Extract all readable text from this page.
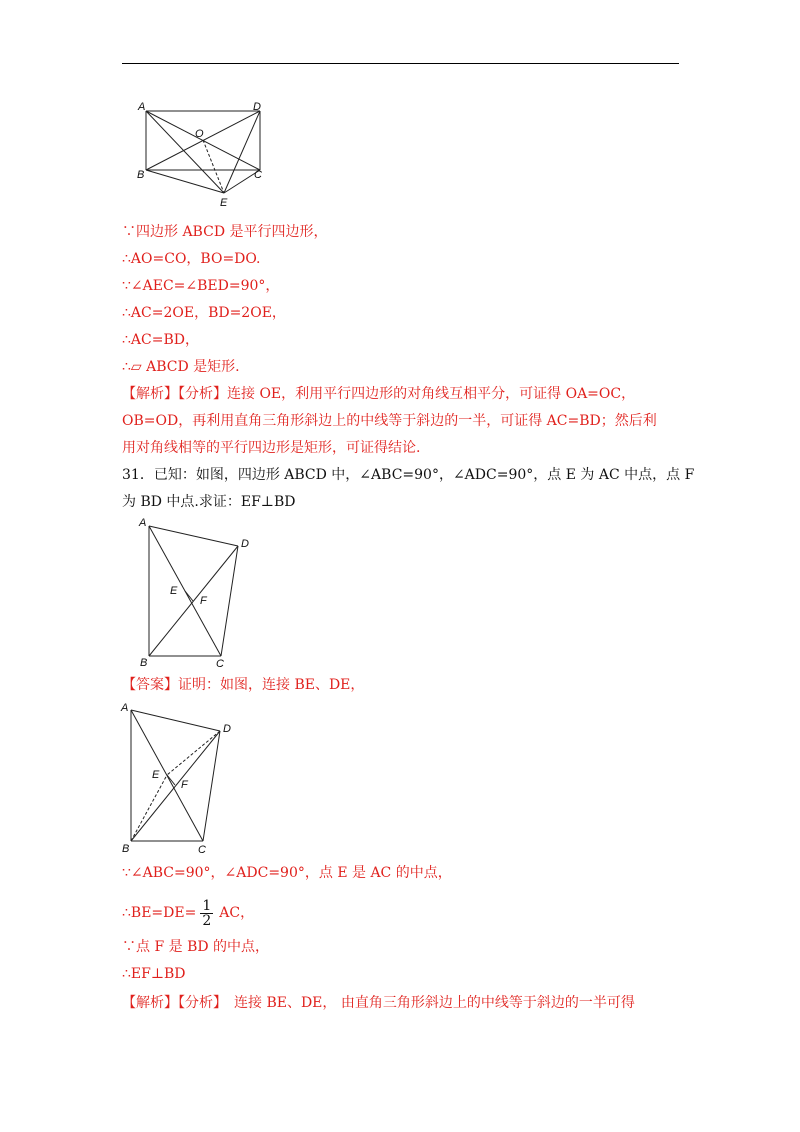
A	D
O
B	C
E
∵四边形 ABCD 是平行四边形，
∴AO=CO，BO=DO.
∵∠AEC=∠BED=90°，
∴AC=2OE，BD=2OE，
∴AC=BD，
∴▱ ABCD 是矩形.
【解析】【分析】连接 OE，利用平行四边形的对角线互相平分，可证得 OA=OC，
OB=OD，再利用直角三角形斜边上的中线等于斜边的一半，可证得 AC=BD；然后利
用对角线相等的平行四边形是矩形，可证得结论.
31．已知：如图，四边形 ABCD 中，∠ABC=90°，∠ADC=90°，点 E 为 AC 中点，点 F
为 BD 中点.求证：EF⊥BD
A
D
E
F
B	C
【答案】证明：如图，连接 BE、DE，
A
D
E
F
B	C
∵∠ABC=90°，∠ADC=90°，点 E 是 AC 的中点，
∴BE=DE= $\frac{1}{2}$ AC，
∵点 F 是 BD 的中点，
∴EF⊥BD
【解析】【分析】　连接 BE、DE， 由直角三角形斜边上的中线等于斜边的一半可得
